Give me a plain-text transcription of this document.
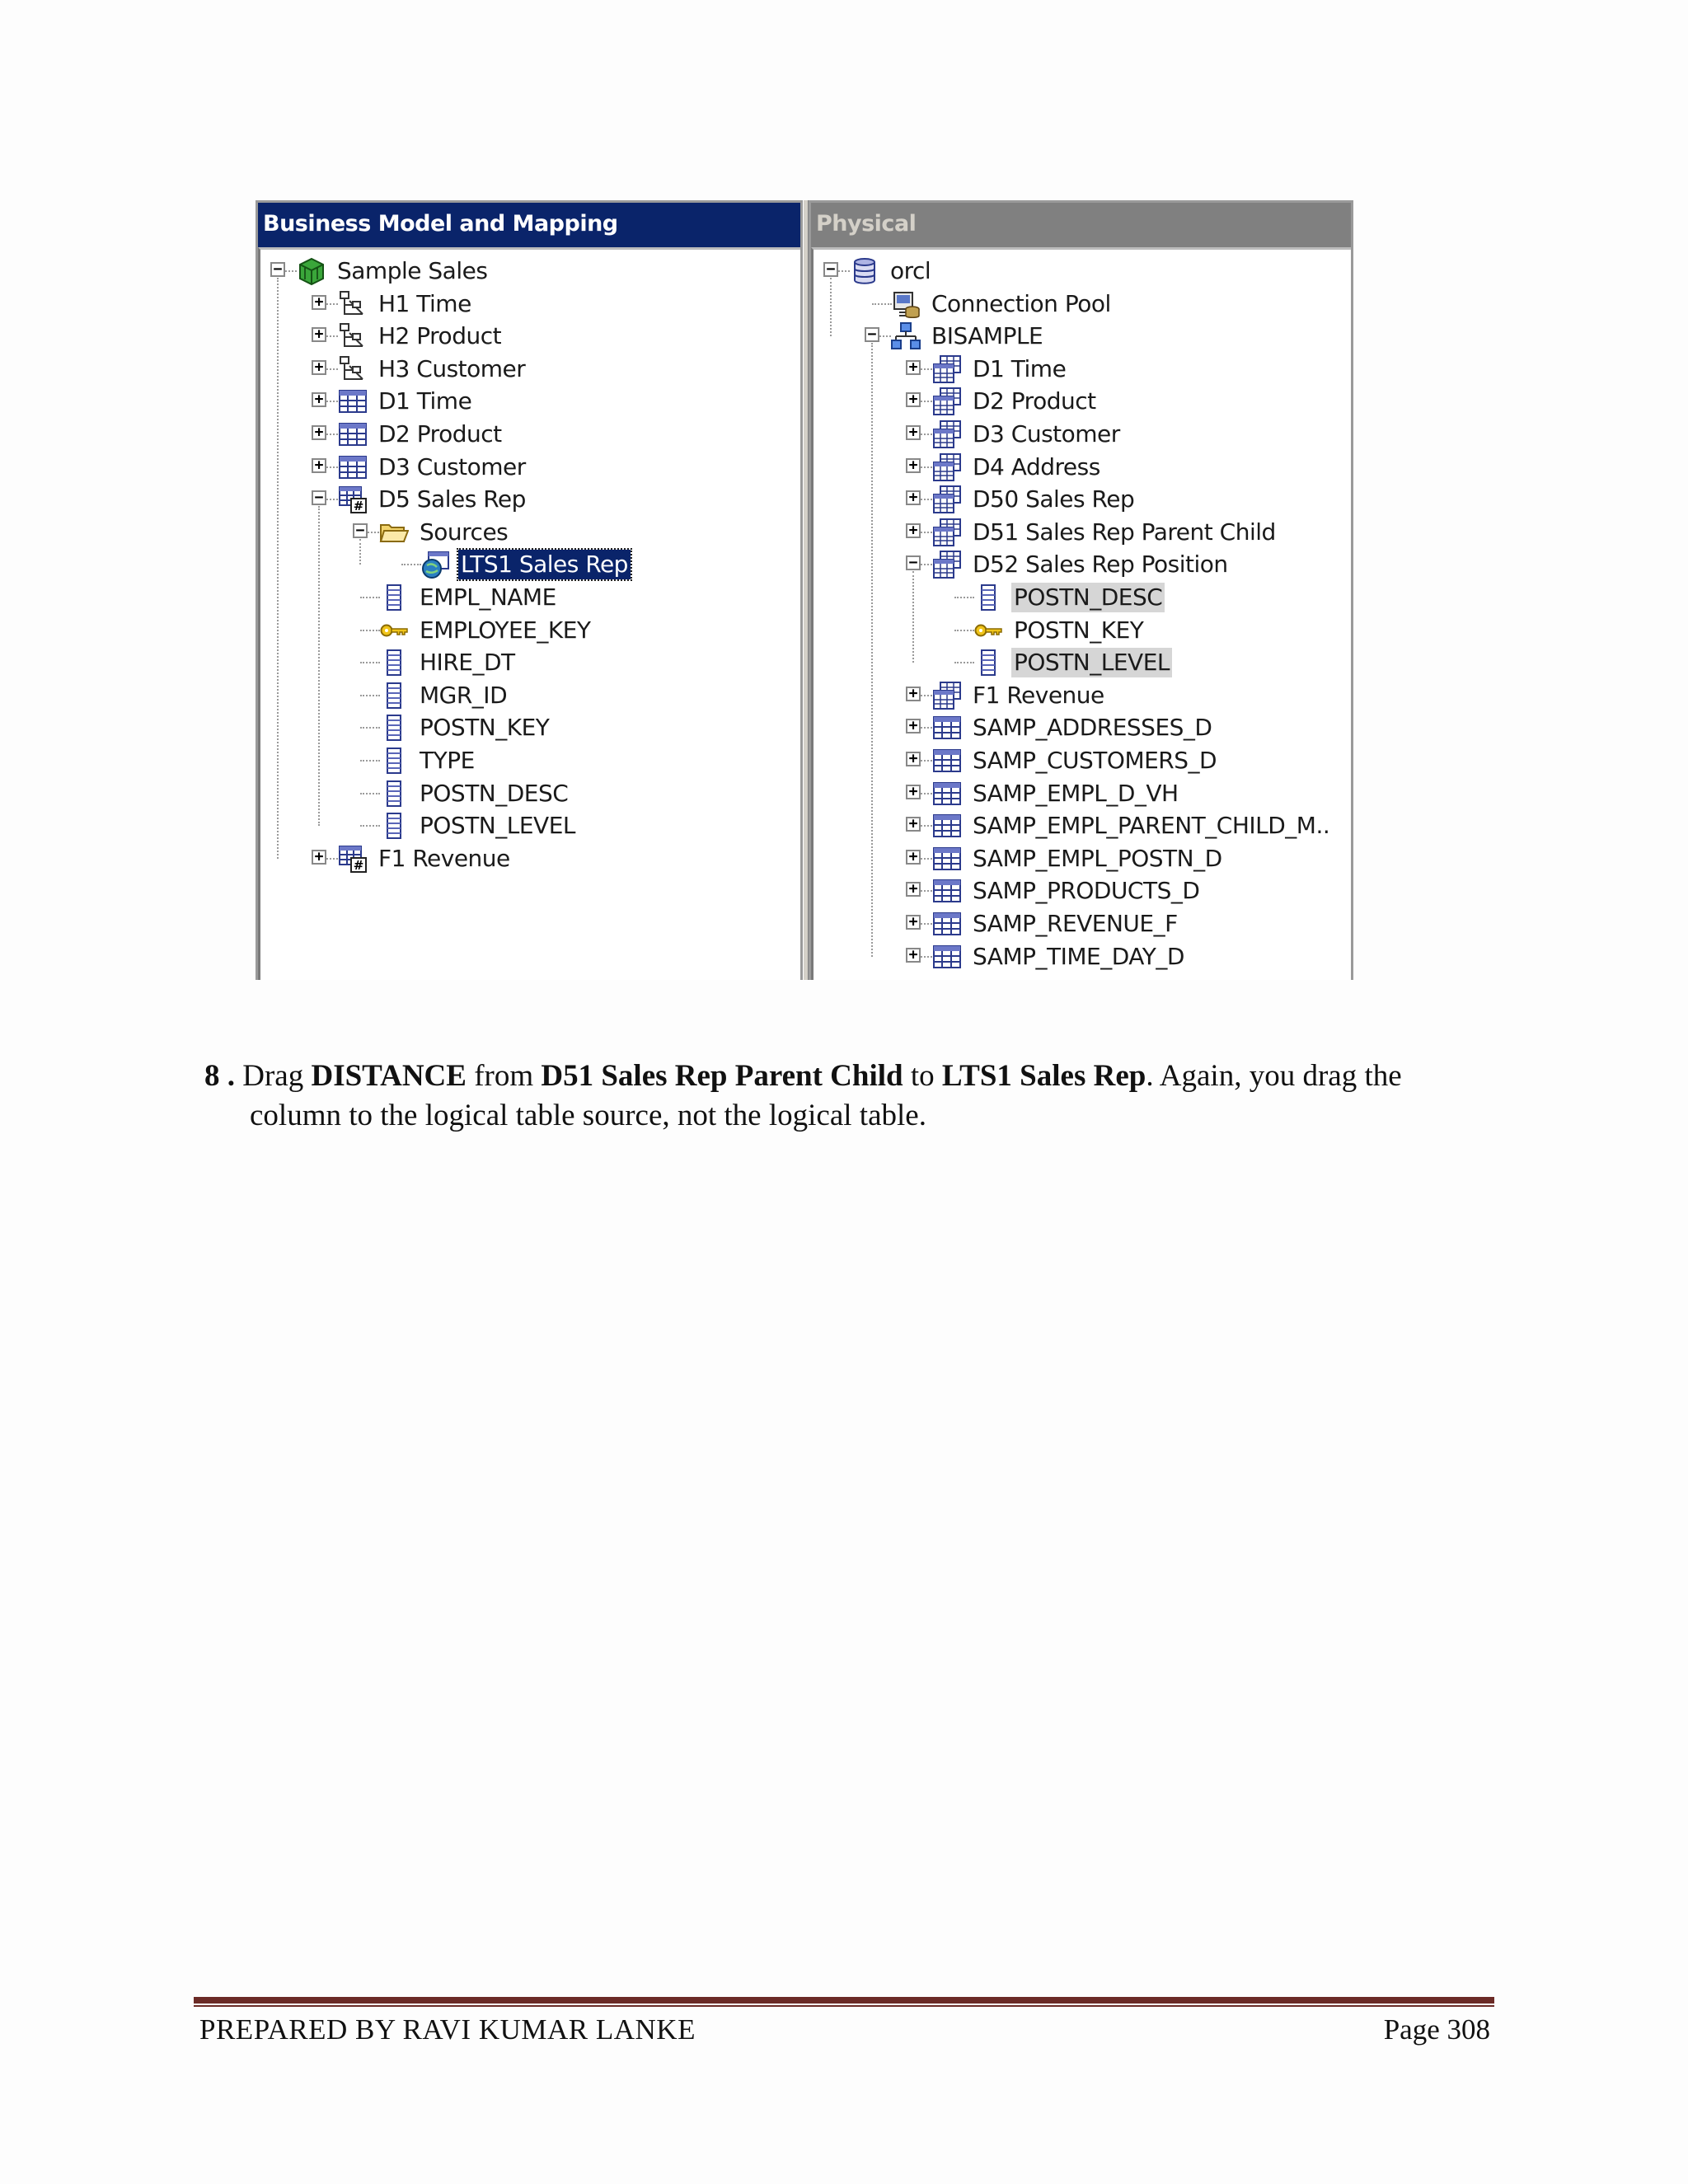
Business Model and Mapping
− Sample Sales
+ H1 Time
+ H2 Product
+ H3 Customer
+ D1 Time
+ D2 Product
+ D3 Customer
− D5 Sales Rep
− Sources
LTS1 Sales Rep
EMPL_NAME
EMPLOYEE_KEY
HIRE_DT
MGR_ID
POSTN_KEY
TYPE
POSTN_DESC
POSTN_LEVEL
+ F1 Revenue
Physical
− orcl
Connection Pool
− BISAMPLE
+ D1 Time
+ D2 Product
+ D3 Customer
+ D4 Address
+ D50 Sales Rep
+ D51 Sales Rep Parent Child
− D52 Sales Rep Position
POSTN_DESC
POSTN_KEY
POSTN_LEVEL
+ F1 Revenue
+ SAMP_ADDRESSES_D
+ SAMP_CUSTOMERS_D
+ SAMP_EMPL_D_VH
+ SAMP_EMPL_PARENT_CHILD_M..
+ SAMP_EMPL_POSTN_D
+ SAMP_PRODUCTS_D
+ SAMP_REVENUE_F
+ SAMP_TIME_DAY_D
8 . Drag DISTANCE from D51 Sales Rep Parent Child to LTS1 Sales Rep. Again, you drag the
column to the logical table source, not the logical table.
PREPARED BY RAVI KUMAR LANKE	Page 308
